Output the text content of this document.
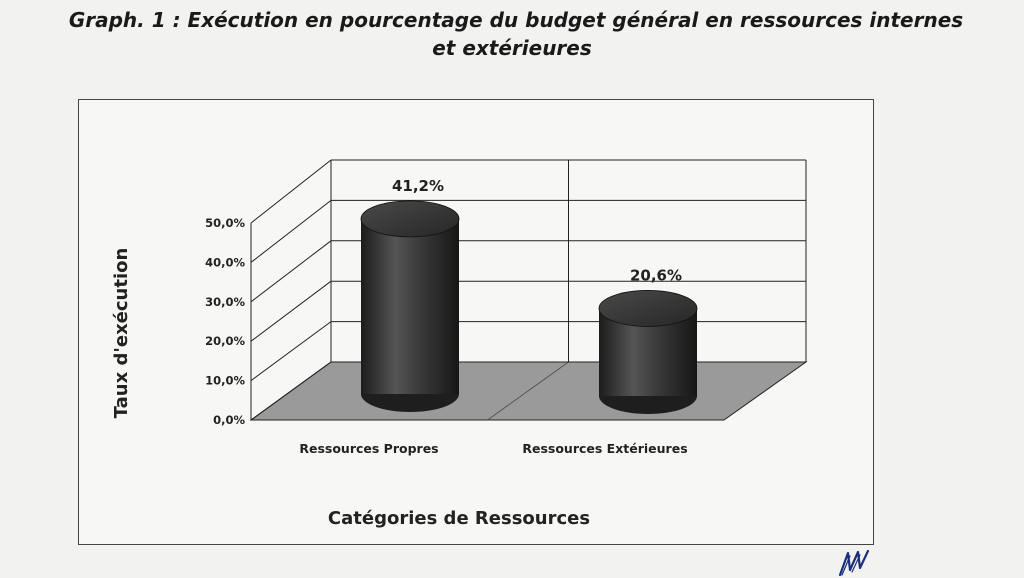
Graph. 1 : Exécution en pourcentage du budget général en ressources internes
et extérieures
0,0%
10,0%
20,0%
30,0%
40,0%
50,0%
41,2%
Ressources Propres
20,6%
Ressources Extérieures
Catégories de Ressources
Taux d'exécution
